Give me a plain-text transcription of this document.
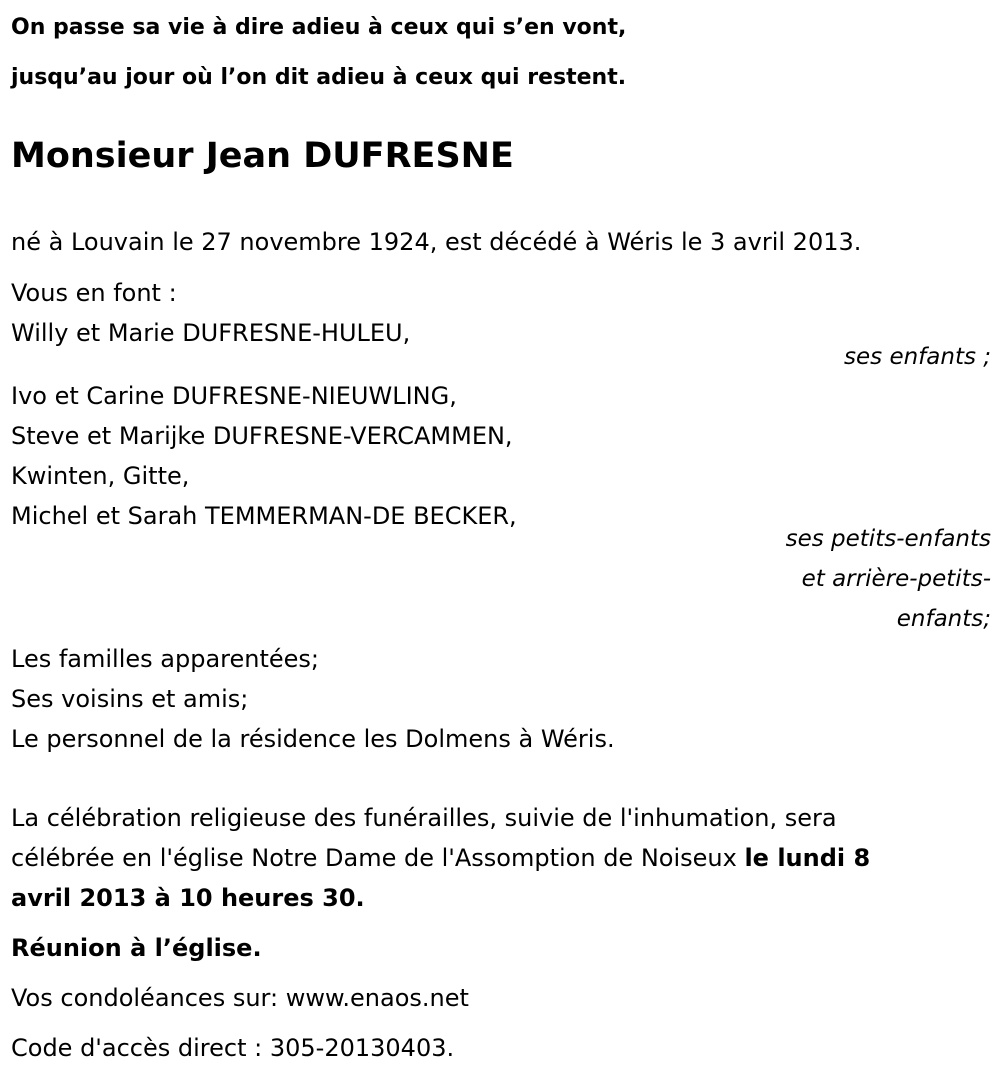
On passe sa vie à dire adieu à ceux qui s’en vont,

jusqu’au jour où l’on dit adieu à ceux qui restent.

Monsieur Jean DUFRESNE

né à Louvain le 27 novembre 1924, est décédé à Wéris le 3 avril 2013.

Vous en font :

Willy et Marie DUFRESNE-HULEU,

ses enfants ;

Ivo et Carine DUFRESNE-NIEUWLING,

Steve et Marijke DUFRESNE-VERCAMMEN,

Kwinten, Gitte,

Michel et Sarah TEMMERMAN-DE BECKER,

ses petits-enfants

et arrière-petits-

enfants;

Les familles apparentées;

Ses voisins et amis;

Le personnel de la résidence les Dolmens à Wéris.

La célébration religieuse des funérailles, suivie de l'inhumation, sera

célébrée en l'église Notre Dame de l'Assomption de Noiseux le lundi 8

avril 2013 à 10 heures 30.

Réunion à l’église.

Vos condoléances sur: www.enaos.net

Code d'accès direct : 305-20130403.
